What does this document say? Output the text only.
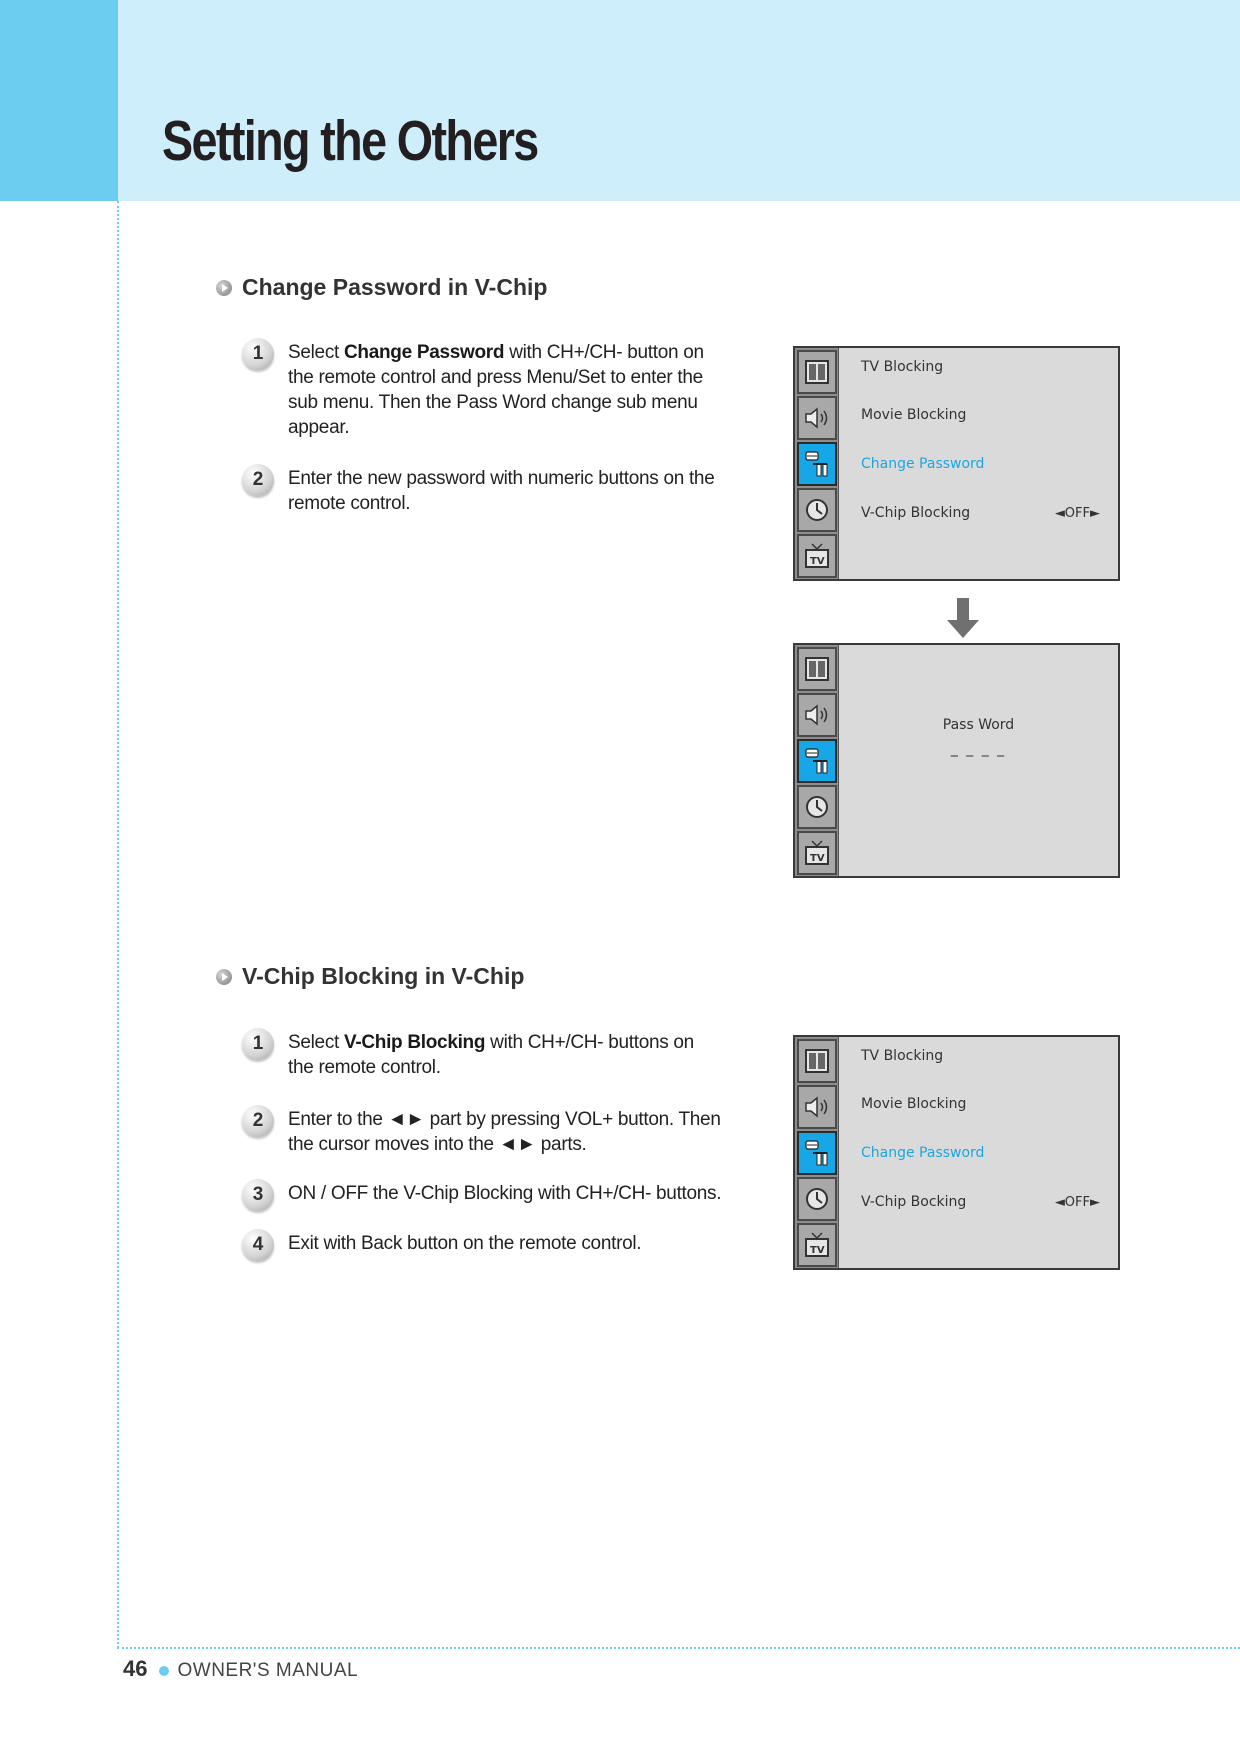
Setting the Others
Change Password in V-Chip
1	Select Change Password with CH+/CH- button on the remote control and press Menu/Set to enter the sub menu. Then the Pass Word change sub menu appear.
2	Enter the new password with numeric buttons on the remote control.
TV
TV Blocking
Movie Blocking
Change Password
V-Chip Blocking	◄OFF►
TV
Pass Word
_ _ _ _
V-Chip Blocking in V-Chip
1	Select V-Chip Blocking with CH+/CH- buttons on the remote control.
2	Enter to the ◄► part by pressing VOL+ button. Then the cursor moves into the ◄► parts.
3	ON / OFF the V-Chip Blocking with CH+/CH- buttons.
4	Exit with Back button on the remote control.	TV
TV Blocking
Movie Blocking
Change Password
V-Chip Bocking	◄OFF►
46 OWNER'S MANUAL
